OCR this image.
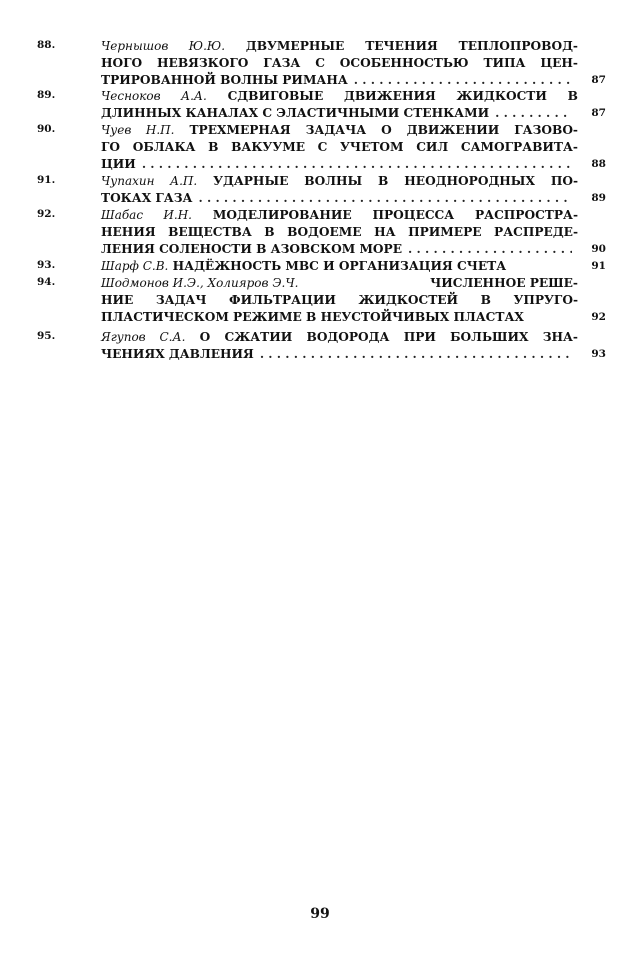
88.	Чернышов Ю.Ю. ДВУМЕРНЫЕ ТЕЧЕНИЯ ТЕПЛОПРОВОД-
НОГО НЕВЯЗКОГО ГАЗА С ОСОБЕННОСТЬЮ ТИПА ЦЕН-
ТРИРОВАННОЙ ВОЛНЫ РИМАНА . . .	87
89.	Чесноков А.А. СДВИГОВЫЕ ДВИЖЕНИЯ ЖИДКОСТИ В
ДЛИННЫХ КАНАЛАХ С ЭЛАСТИЧНЫМИ СТЕНКАМИ . . .	87
90.	Чуев Н.П. ТРЕХМЕРНАЯ ЗАДАЧА О ДВИЖЕНИИ ГАЗОВО-
ГО ОБЛАКА В ВАКУУМЕ С УЧЕТОМ СИЛ САМОГРАВИТА-
ЦИИ . . .	88
91.	Чупахин А.П. УДАРНЫЕ ВОЛНЫ В НЕОДНОРОДНЫХ ПО-
ТОКАХ ГАЗА . . .	89
92.	Шабас И.Н. МОДЕЛИРОВАНИЕ ПРОЦЕССА РАСПРОСТРА-
НЕНИЯ ВЕЩЕСТВА В ВОДОЕМЕ НА ПРИМЕРЕ РАСПРЕДЕ-
ЛЕНИЯ СОЛЕНОСТИ В АЗОВСКОМ МОРЕ . . .	90
93.	Шарф С.В. НАДЁЖНОСТЬ МВС И ОРГАНИЗАЦИЯ СЧЕТА	91
94.	Шодмонов И.Э., Холияров Э.Ч.	ЧИСЛЕННОЕ РЕШЕ-
НИЕ ЗАДАЧ ФИЛЬТРАЦИИ ЖИДКОСТЕЙ В УПРУГО-
ПЛАСТИЧЕСКОМ РЕЖИМЕ В НЕУСТОЙЧИВЫХ ПЛАСТАХ	92
95.	Ягупов С.А. О СЖАТИИ ВОДОРОДА ПРИ БОЛЬШИХ ЗНА-
ЧЕНИЯХ ДАВЛЕНИЯ . . .	93
99
